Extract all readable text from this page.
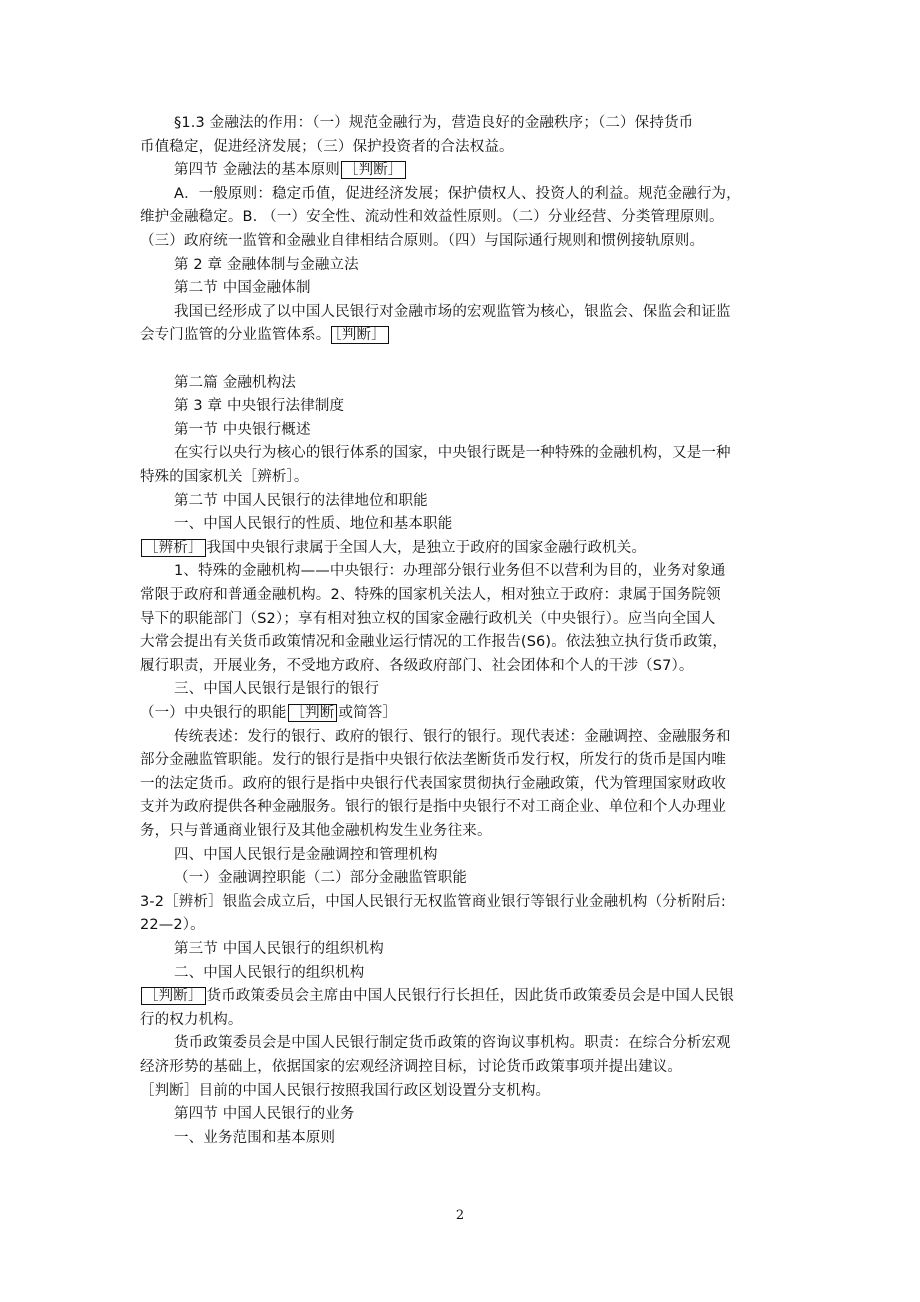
§1.3 金融法的作用：（一）规范金融行为，营造良好的金融秩序；（二）保持货币
币值稳定，促进经济发展；（三）保护投资者的合法权益。
第四节 金融法的基本原则 ［判断］
A．一般原则：稳定币值，促进经济发展；保护债权人、投资人的利益。规范金融行为，
维护金融稳定。B. （一）安全性、流动性和效益性原则。（二）分业经营、分类管理原则。
（三）政府统一监管和金融业自律相结合原则。（四）与国际通行规则和惯例接轨原则。
第 2 章 金融体制与金融立法
第二节 中国金融体制
我国已经形成了以中国人民银行对金融市场的宏观监管为核心，银监会、保监会和证监
会专门监管的分业监管体系。 ［判断］
第二篇 金融机构法
第 3 章 中央银行法律制度
第一节 中央银行概述
在实行以央行为核心的银行体系的国家，中央银行既是一种特殊的金融机构，又是一种
特殊的国家机关［辨析］。
第二节 中国人民银行的法律地位和职能
一、中国人民银行的性质、地位和基本职能
［辨析］ 我国中央银行隶属于全国人大，是独立于政府的国家金融行政机关。
1、特殊的金融机构——中央银行：办理部分银行业务但不以营利为目的，业务对象通
常限于政府和普通金融机构。2、特殊的国家机关法人，相对独立于政府：隶属于国务院领
导下的职能部门（S2）；享有相对独立权的国家金融行政机关（中央银行）。应当向全国人
大常会提出有关货币政策情况和金融业运行情况的工作报告(S6)。依法独立执行货币政策，
履行职责，开展业务，不受地方政府、各级政府部门、社会团体和个人的干涉（S7）。
三、中国人民银行是银行的银行
（一）中央银行的职能 ［判断 或简答］
传统表述：发行的银行、政府的银行、银行的银行。现代表述：金融调控、金融服务和
部分金融监管职能。发行的银行是指中央银行依法垄断货币发行权，所发行的货币是国内唯
一的法定货币。政府的银行是指中央银行代表国家贯彻执行金融政策，代为管理国家财政收
支并为政府提供各种金融服务。银行的银行是指中央银行不对工商企业、单位和个人办理业
务，只与普通商业银行及其他金融机构发生业务往来。
四、中国人民银行是金融调控和管理机构
（一）金融调控职能（二）部分金融监管职能
3-2［辨析］银监会成立后，中国人民银行无权监管商业银行等银行业金融机构（分析附后:
22—2）。
第三节 中国人民银行的组织机构
二、中国人民银行的组织机构
［判断］ 货币政策委员会主席由中国人民银行行长担任，因此货币政策委员会是中国人民银
行的权力机构。
货币政策委员会是中国人民银行制定货币政策的咨询议事机构。职责：在综合分析宏观
经济形势的基础上，依据国家的宏观经济调控目标，讨论货币政策事项并提出建议。
［判断］目前的中国人民银行按照我国行政区划设置分支机构。
第四节 中国人民银行的业务
一、业务范围和基本原则
2
